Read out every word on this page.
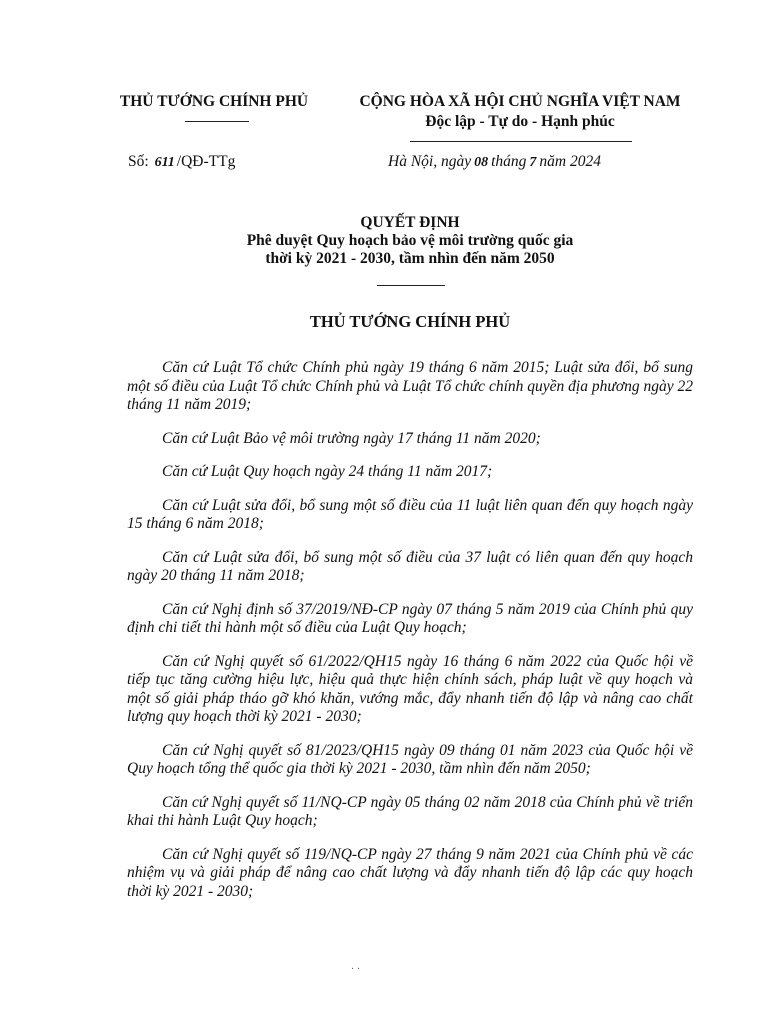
THỦ TƯỚNG CHÍNH PHỦ	CỘNG HÒA XÃ HỘI CHỦ NGHĨA VIỆT NAM
Độc lập - Tự do - Hạnh phúc
Số: 611 /QĐ-TTg	Hà Nội, ngày 08 tháng 7 năm 2024
QUYẾT ĐỊNH
Phê duyệt Quy hoạch bảo vệ môi trường quốc gia
thời kỳ 2021 - 2030, tầm nhìn đến năm 2050
THỦ TƯỚNG CHÍNH PHỦ

Căn cứ Luật Tổ chức Chính phủ ngày 19 tháng 6 năm 2015; Luật sửa đổi, bổ sung một số điều của Luật Tổ chức Chính phủ và Luật Tổ chức chính quyền địa phương ngày 22 tháng 11 năm 2019;

Căn cứ Luật Bảo vệ môi trường ngày 17 tháng 11 năm 2020;

Căn cứ Luật Quy hoạch ngày 24 tháng 11 năm 2017;

Căn cứ Luật sửa đổi, bổ sung một số điều của 11 luật liên quan đến quy hoạch ngày 15 tháng 6 năm 2018;

Căn cứ Luật sửa đổi, bổ sung một số điều của 37 luật có liên quan đến quy hoạch ngày 20 tháng 11 năm 2018;

Căn cứ Nghị định số 37/2019/NĐ-CP ngày 07 tháng 5 năm 2019 của Chính phủ quy định chi tiết thi hành một số điều của Luật Quy hoạch;

Căn cứ Nghị quyết số 61/2022/QH15 ngày 16 tháng 6 năm 2022 của Quốc hội về tiếp tục tăng cường hiệu lực, hiệu quả thực hiện chính sách, pháp luật về quy hoạch và một số giải pháp tháo gỡ khó khăn, vướng mắc, đẩy nhanh tiến độ lập và nâng cao chất lượng quy hoạch thời kỳ 2021 - 2030;

Căn cứ Nghị quyết số 81/2023/QH15 ngày 09 tháng 01 năm 2023 của Quốc hội về Quy hoạch tổng thể quốc gia thời kỳ 2021 - 2030, tầm nhìn đến năm 2050;

Căn cứ Nghị quyết số 11/NQ-CP ngày 05 tháng 02 năm 2018 của Chính phủ về triển khai thi hành Luật Quy hoạch;

Căn cứ Nghị quyết số 119/NQ-CP ngày 27 tháng 9 năm 2021 của Chính phủ về các nhiệm vụ và giải pháp để nâng cao chất lượng và đẩy nhanh tiến độ lập các quy hoạch thời kỳ 2021 - 2030;

· ·
